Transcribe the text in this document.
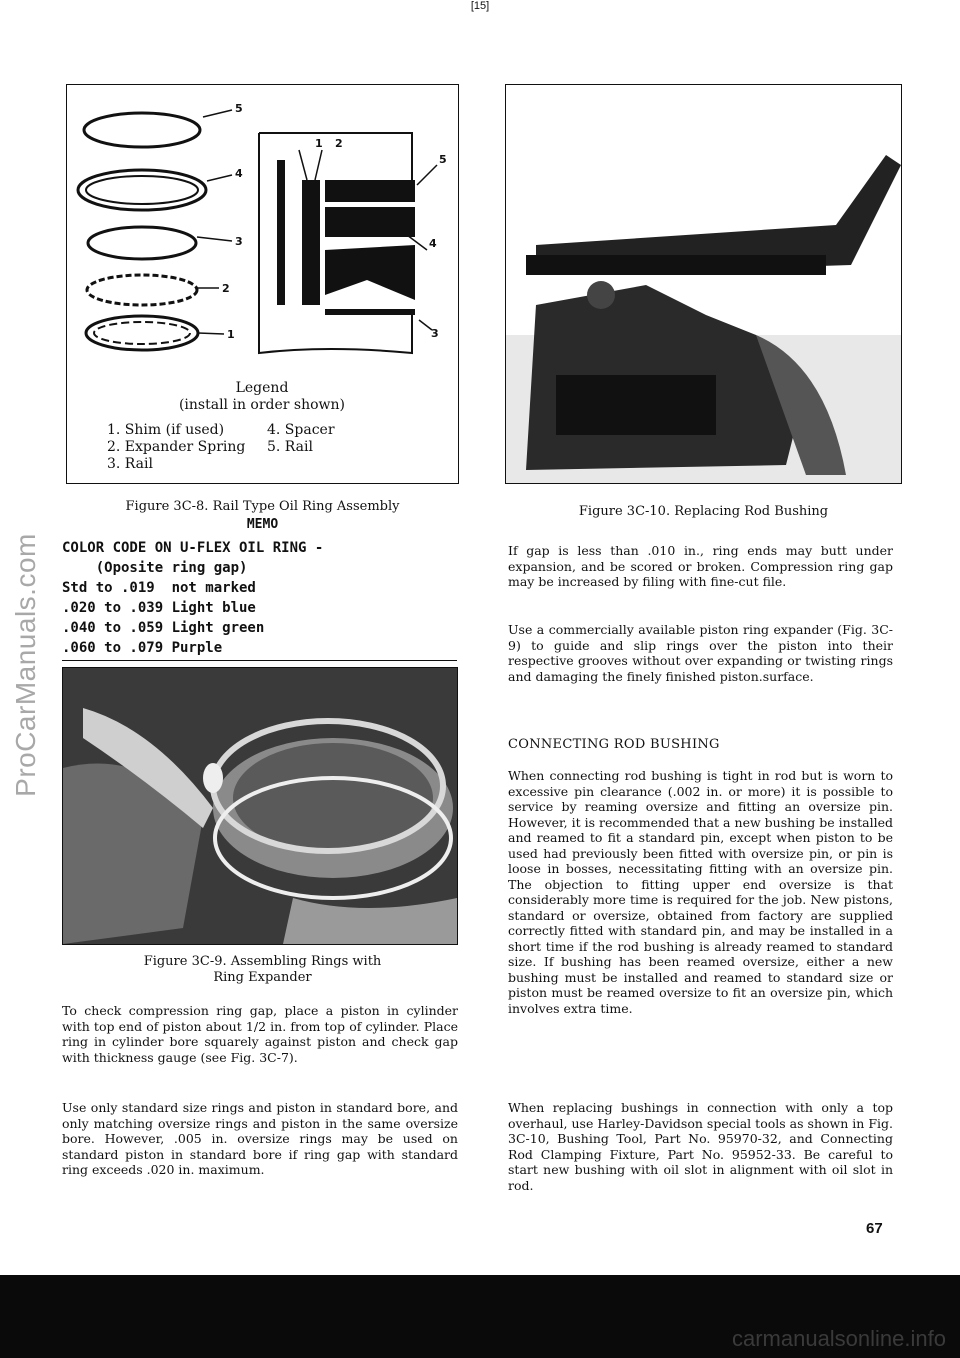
[15]
ProCarManuals.com
5
4
3
2
1
1 2
5
4
3
Legend
(install in order shown)
1. Shim (if used)	4. Spacer
2. Expander Spring	5. Rail
3. Rail
Figure 3C-8. Rail Type Oil Ring Assembly
MEMO
COLOR CODE ON U-FLEX OIL RING -
(Oposite ring gap)
Std to .019  not marked
.020 to .039 Light blue
.040 to .059 Light green
.060 to .079 Purple
Figure 3C-9. Assembling Rings with
Ring Expander
To check compression ring gap, place a piston in cylinder with top end of piston about 1/2 in. from top of cylinder. Place ring in cylinder bore squarely against piston and check gap with thickness gauge (see Fig. 3C-7).
Use only standard size rings and piston in standard bore, and only matching oversize rings and piston in the same oversize bore. However, .005 in. oversize rings may be used on standard piston in standard bore if ring gap with standard ring exceeds .020 in. maximum.
Figure 3C-10. Replacing Rod Bushing
If gap is less than .010 in., ring ends may butt under expansion, and be scored or broken. Compression ring gap may be increased by filing with fine-cut file.
Use a commercially available piston ring expander (Fig. 3C-9) to guide and slip rings over the piston into their respective grooves without over expanding or twisting rings and damaging the finely finished piston.surface.
CONNECTING ROD BUSHING
When connecting rod bushing is tight in rod but is worn to excessive pin clearance (.002 in. or more) it is possible to service by reaming oversize and fitting an oversize pin. However, it is recommended that a new bushing be installed and reamed to fit a standard pin, except when piston to be used had previously been fitted with oversize pin, or pin is loose in bosses, necessitating fitting with an oversize pin. The objection to fitting upper end oversize is that considerably more time is required for the job. New pistons, standard or oversize, obtained from factory are supplied correctly fitted with standard pin, and may be installed in a short time if the rod bushing is already reamed to standard size. If bushing has been reamed oversize, either a new bushing must be installed and reamed to standard size or piston must be reamed oversize to fit an oversize pin, which involves extra time.
When replacing bushings in connection with only a top overhaul, use Harley-Davidson special tools as shown in Fig. 3C-10, Bushing Tool, Part No. 95970-32, and Connecting Rod Clamping Fixture, Part No. 95952-33. Be careful to start new bushing with oil slot in alignment with oil slot in rod.
67
carmanualsonline.info
